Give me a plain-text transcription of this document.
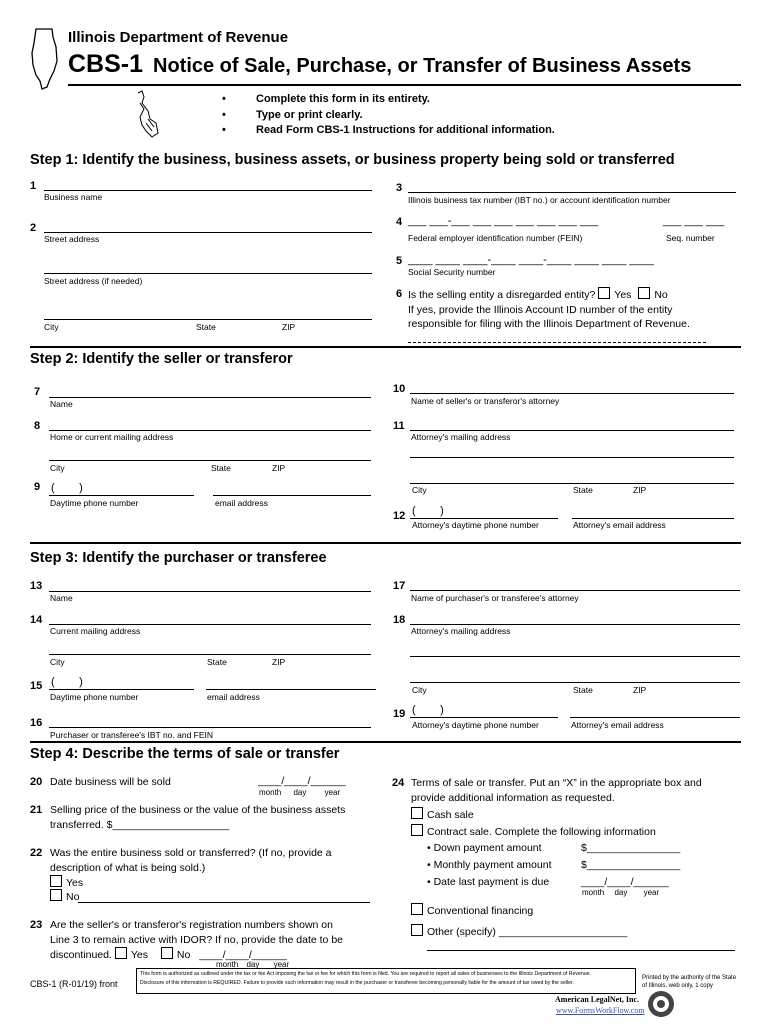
Illinois Department of Revenue
CBS-1 Notice of Sale, Purchase, or Transfer of Business Assets
•	Complete this form in its entirety.
•	Type or print clearly.
•	Read Form CBS-1 Instructions for additional information.
Step 1: Identify the business, business assets, or business property being sold or transferred
1
Business name
2
Street address
Street address (if needed)
City	State	ZIP
3
Illinois business tax number (IBT no.) or account identification number
4 ___ ___-___ ___ ___ ___ ___ ___ ___	___ ___ ___
Federal employer identification number (FEIN)	Seq. number
5 ____ ____ ____-____ ____-____ ____ ____ ____
Social Security number
6 Is the selling entity a disregarded entity? Yes No
If yes, provide the Illinois Account ID number of the entity
responsible for filing with the Illinois Department of Revenue.
Step 2: Identify the seller or transferor
7
Name
8
Home or current mailing address
City	State	ZIP
9 (        )
Daytime phone number	email address
10
Name of seller's or transferor's attorney
11
Attorney's mailing address
City	State	ZIP
12 (        )
Attorney's daytime phone number	Attorney's email address
Step 3: Identify the purchaser or transferee
13
Name
14
Current mailing address
City	State	ZIP
15 (        )
Daytime phone number	email address
16
Purchaser or transferee's IBT no. and FEIN
17
Name of purchaser's or transferee's attorney
18
Attorney's mailing address
City	State	ZIP
19 (        )
Attorney's daytime phone number	Attorney's email address
Step 4: Describe the terms of sale or transfer
20 Date business will be sold	____/____/______
month day year
21 Selling price of the business or the value of the business assets
transferred. $____________________
22 Was the entire business sold or transferred? (If no, provide a
description of what is being sold.)
Yes
No
23 Are the seller's or transferor's registration numbers shown on
Line 3 to remain active with IDOR? If no, provide the date to be
discontinued. Yes	No ____/____/______
month day year
24 Terms of sale or transfer. Put an “X” in the appropriate box and
provide additional information as requested.
Cash sale
Contract sale. Complete the following information
• Down payment amount	$________________
• Monthly payment amount	$________________
• Date last payment is due	____/____/______
month day year
Conventional financing
Other (specify) ______________________
CBS-1 (R-01/19) front
This form is authorized as outlined under the tax or fee Act imposing the tax or fee for which this form is filed. You are required to report all sales of businesses to the Illinois Department of Revenue.
Disclosure of this information is REQUIRED. Failure to provide such information may result in the purchaser or transferee becoming personally liable for the amount of tax owed by the seller.
Printed by the authority of the State
of Illinois, web only, 1 copy
American LegalNet, Inc.
www.FormsWorkFlow.com
